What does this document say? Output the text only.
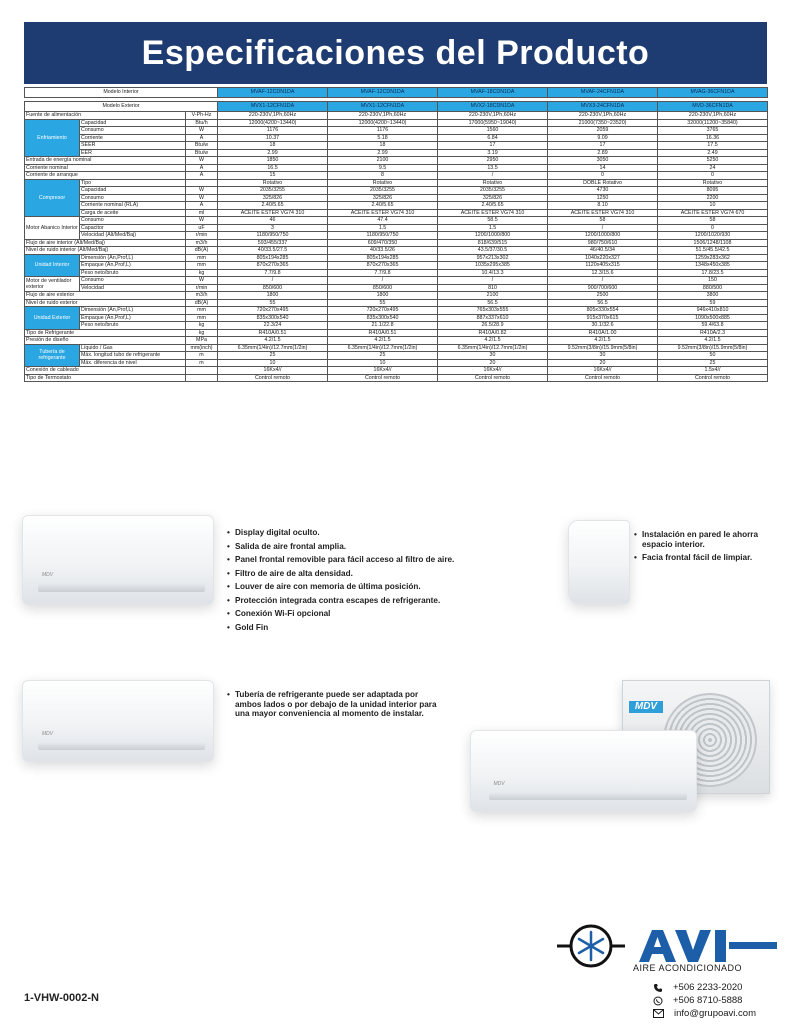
Especificaciones del Producto
Modelo Interior			MVAF-12CDN1DA	MVAF-12CDN1DA	MVAF-18CDN1DA	MVAF-24CFN1DA	MVAG-36CFN1DA

Modelo Exterior			MVX1-12CFN1DA	MVX1-12CFN1DA	MVX2-18CDN1DA	MVX3-24CFN1DA	MVD-36CFN1DA
Fuente de alimentación		V-Ph-Hz	220-230V,1Ph,60Hz	220-230V,1Ph,60Hz	220-230V,1Ph,60Hz	220-230V,1Ph,60Hz	220-230V,1Ph,60Hz
Enfriamiento	Capacidad	Btu/h	12000(4200~13440)	12000(4200~13440)	17000(5950~19040)	21000(7350~23520)	32000(11200~35840)
	Consumo	W	1176	1176	1560	2059	3765
	Corriente	A	10.37	5.18	6.84	9.09	16.36
	SEER	Btu/w	18	18	17	17	17.5
	EER	Btu/w	2.99	2.99	3.19	2.89	2.49
Entrada de energía nominal		W	1850	2100	2950	3050	5250
Corriente nominal		A	16.5	9.5	13.5	14	24
Corriente de arranque		A	15	8	/	0	0
Compresor	Tipo		Rotativo	Rotativo	Rotativo	DOBLE Rotativo	Rotativo
	Capacidad	W	2035/3255	2035/3255	2035/3255	4730	8095
	Consumo	W	325/826	325/826	325/826	1250	2200
	Corriente nominal (RLA)	A	2.40/5.65	2.40/5.65	2.40/5.65	8.10	10
	Carga de aceite	ml	ACEITE ÉSTER VG74 310	ACEITE ÉSTER VG74 310	ACEITE ÉSTER VG74 310	ACEITE ÉSTER VG74 310	ACEITE ÉSTER VG74 670
Motor Abanico Interior	Consumo	W	46	47.4	58.5	58	58
	Capacitor	uF	3	1.5	1.5	/	0
	Velocidad (Alt/Med/Baj)	r/min	1180/950/750	1180/950/750	1200/1000/800	1200/1000/800	1200/1020/930
Flujo de aire interior (Alt/Med/Baj)		m3/h	593/455/337	609/470/350	818/639/515	980/750/610	1506/1248/1108
Nivel de ruido interior (Alt/Med/Baj)		dB(A)	40/33.5/27.5	40/33.5/26	43.5/37/30.5	46/40.5/34	51.5/45.5/42.5
Unidad Interior	Dimensión (An,Prof,L)	mm	805x194x285	805x194x285	957x213x302	1040x220x327	1259x283x362
	Empaque (An,Prof,L)	mm	870x270x365	870x270x365	1035x295x385	1120x405x315	1348x450x385
	Peso neto/bruto	kg	7.7/9.8	7.7/9.8	10.4/13.3	12.3/15.6	17.8/23.5
Motor de ventilador exterior	Consumo	W	/	/	/	/	150
	Velocidad	r/min	850/600	850/600	810	900/700/600	880/500
Flujo de aire exterior		m3/h	1800	1800	2100	2500	3800
Nivel de ruido exterior		dB(A)	55	55	56.5	56.5	59
Unidad Exterior	Dimensión (An,Prof,L)	mm	720x270x495	720x270x495	765x303x555	805x330x554	946x410x810
	Empaque (An,Prof,L)	mm	835x300x540	835x300x540	887x337x610	915x370x615	1090x500x885
	Peso neto/bruto	kg	22.3/24	21.1/22.8	26.5/28.9	30.1/32.6	59.4/63.8
Tipo de Refrigerante		kg	R410A/0.51	R410A/0.51	R410A/0.82	R410A/1.00	R410A/2.3
Presión de diseño		MPa	4.2/1.5	4.2/1.5	4.2/1.5	4.2/1.5	4.2/1.5
Tubería de refrigerante	Líquido / Gas	mm(inch)	6.35mm(1/4in)/12.7mm(1/2in)	6.35mm(1/4in)/12.7mm(1/2in)	6.35mm(1/4in)/12.7mm(1/2in)	9.52mm(3/8in)/15.9mm(5/8in)	9.52mm(3/8in)/15.9mm(5/8in)
	Máx. longitud tubo de refrigerante	m	25	25	30	30	50
	Máx. diferencia de nivel	m	10	10	20	20	25
Conexión de cableado			16Kx4//	16Kx4//	16Kx4//	16Kx4//	1.5x4//
Tipo de Termostato			Control remoto	Control remoto	Control remoto	Control remoto	Control remoto
MDV
MDV
MDV
MDV
• Display digital oculto.
• Salida de aire frontal amplia.
• Panel frontal removible para fácil acceso al filtro de aire.
• Filtro de aire de alta densidad.
• Louver de aire con memoria de última posición.
• Protección integrada contra escapes de refrigerante.
• Conexión Wi-Fi opcional
• Gold Fin
• Instalación en pared le ahorra espacio interior.
• Facia frontal fácil de limpiar.
• Tubería de refrigerante puede ser adaptada por ambos lados o por debajo de la unidad interior para una mayor conveniencia al momento de instalar.
1-VHW-0002-N
AIRE ACONDICIONADO
+506 2233-2020
+506 8710-5888
info@grupoavi.com
